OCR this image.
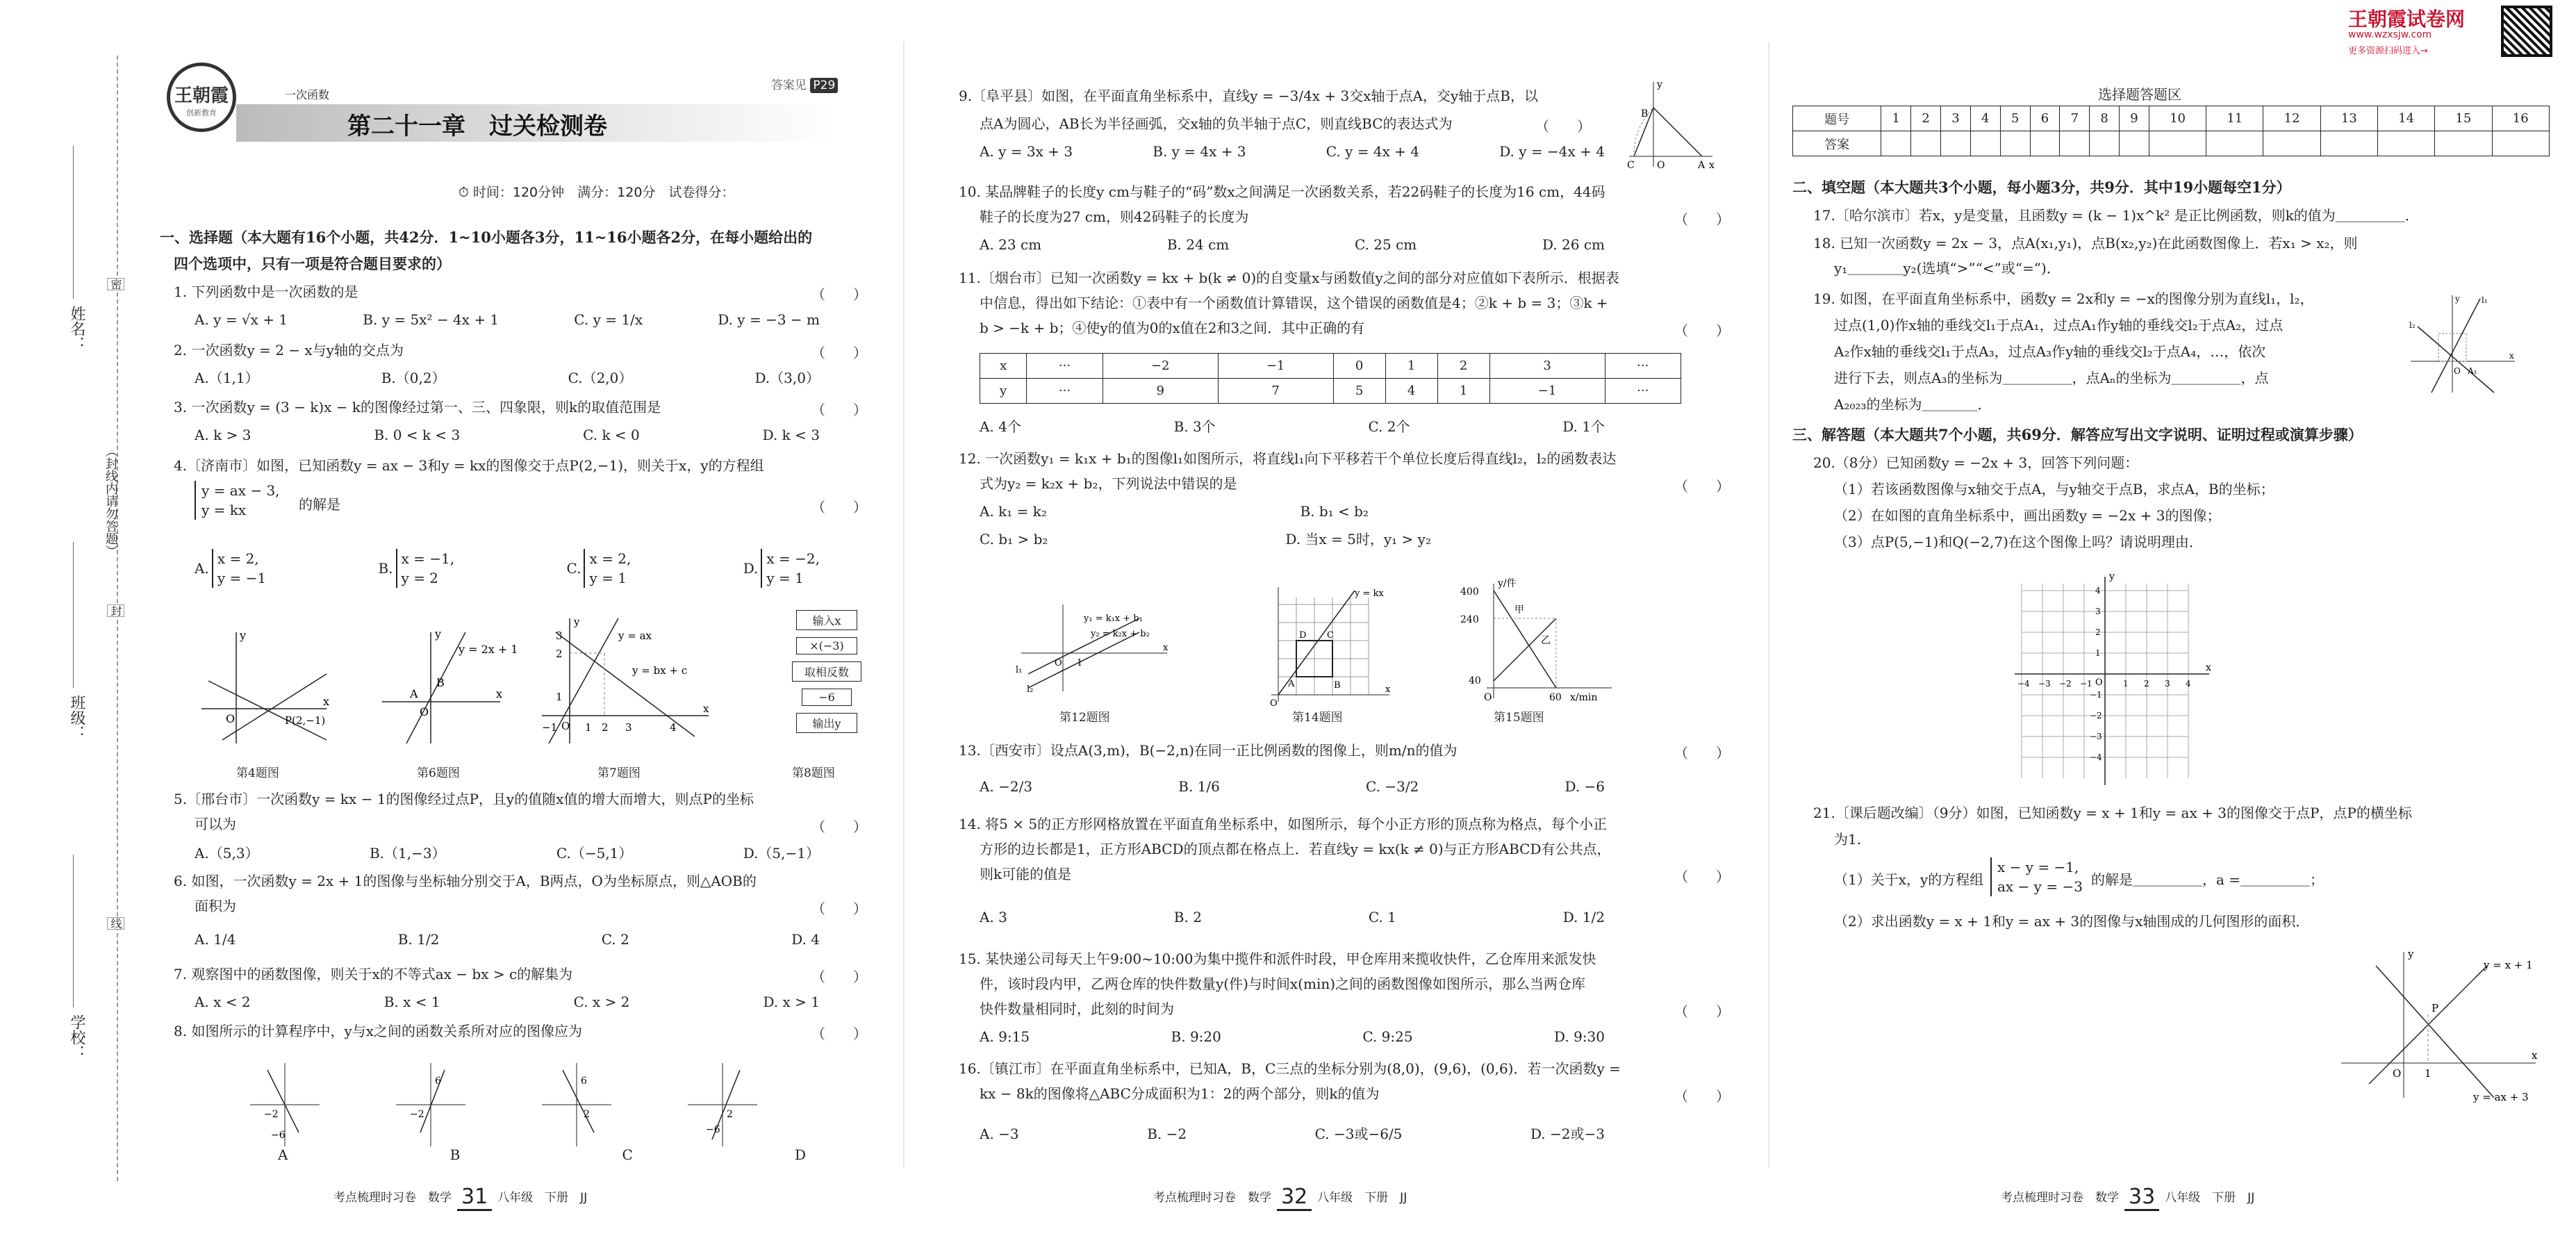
姓名：
班级：
学校：
（封线内请勿答题）
密
封
线
王朝霞
创新教育
一次函数
答案见 P29
第二十一章　过关检测卷
⏱ 时间：120分钟　满分：120分　试卷得分：
一、选择题（本大题有16个小题，共42分．1~10小题各3分，11~16小题各2分，在每小题给出的
四个选项中，只有一项是符合题目要求的）
1. 下列函数中是一次函数的是	（　　）
A. y = √x + 1	B. y = 5x² − 4x + 1	C. y = 1/x	D. y = −3 − m
2. 一次函数y = 2 − x与y轴的交点为	（　　）
A.（1,1）	B.（0,2）	C.（2,0）	D.（3,0）
3. 一次函数y = (3 − k)x − k的图像经过第一、三、四象限，则k的取值范围是	（　　）
A. k > 3	B. 0 < k < 3	C. k < 0	D. k < 3
4.〔济南市〕如图，已知函数y = ax − 3和y = kx的图像交于点P(2,−1)，则关于x，y的方程组
y = ax − 3,
y = kx	的解是	（　　）
A.
x = 2,
y = −1
B.
x = −1,
y = 2
C.
x = 2,
y = 1
D.
x = −2,
y = 1
O
x
y
P(2,−1)
O
x
y
A
B
y = 2x + 1
3
2
1
−1 O 1 2 3	4
x
y
y = ax
y = bx + c
输入x
×(−3)
取相反数
−6
输出y
第4题图	第6题图	第7题图	第8题图
5.〔邢台市〕一次函数y = kx − 1的图像经过点P，且y的值随x值的增大而增大，则点P的坐标
可以为	（　　）
A.（5,3）	B.（1,−3）	C.（−5,1）	D.（5,−1）
6. 如图，一次函数y = 2x + 1的图像与坐标轴分别交于A，B两点，O为坐标原点，则△AOB的
面积为	（　　）
A. 1/4	B. 1/2	C. 2	D. 4
7. 观察图中的函数图像，则关于x的不等式ax − bx > c的解集为	（　　）
A. x < 2	B. x < 1	C. x > 2	D. x > 1
8. 如图所示的计算程序中，y与x之间的函数关系所对应的图像应为	（　　）
−2
−6
6
−2
6
2	2
−6
A	B	C	D
考点梳理时习卷　数学 31 八年级　下册　JJ
9.〔阜平县〕如图，在平面直角坐标系中，直线y = −3/4x + 3交x轴于点A，交y轴于点B，以
点A为圆心，AB长为半径画弧，交x轴的负半轴于点C，则直线BC的表达式为	（　　）
B
C O	A x
y
A. y = 3x + 3	B. y = 4x + 3	C. y = 4x + 4	D. y = −4x + 4
10. 某品牌鞋子的长度y cm与鞋子的“码”数x之间满足一次函数关系，若22码鞋子的长度为16 cm，44码
鞋子的长度为27 cm，则42码鞋子的长度为	（　　）
A. 23 cm	B. 24 cm	C. 25 cm	D. 26 cm
11.〔烟台市〕已知一次函数y = kx + b(k ≠ 0)的自变量x与函数值y之间的部分对应值如下表所示．根据表
中信息，得出如下结论：①表中有一个函数值计算错误，这个错误的函数值是4；②k + b = 3；③k +
b > −k + b；④使y的值为0的x值在2和3之间．其中正确的有	（　　）
x	···	−2	−1	0	1	2	3	···
y	···	9	7	5	4	1	−1	···
A. 4个	B. 3个	C. 2个	D. 1个
12. 一次函数y₁ = k₁x + b₁的图像l₁如图所示，将直线l₁向下平移若干个单位长度后得直线l₂，l₂的函数表达
式为y₂ = k₂x + b₂，下列说法中错误的是	（　　）
A. k₁ = k₂	B. b₁ < b₂
C. b₁ > b₂	D. 当x = 5时，y₁ > y₂
y₁ = k₁x + b₁
y₂ = k₂x + b₂
l₁
l₂
O 1
x
D C
A	B
y = kx
O
x
y/件
400
240
40
60 x/min
甲
乙
O
第12题图	第14题图	第15题图
13.〔西安市〕设点A(3,m)，B(−2,n)在同一正比例函数的图像上，则m/n的值为	（　　）
A. −2/3	B. 1/6	C. −3/2	D. −6
14. 将5 × 5的正方形网格放置在平面直角坐标系中，如图所示，每个小正方形的顶点称为格点，每个小正
方形的边长都是1，正方形ABCD的顶点都在格点上．若直线y = kx(k ≠ 0)与正方形ABCD有公共点，
则k可能的值是	（　　）
A. 3	B. 2	C. 1	D. 1/2
15. 某快递公司每天上午9:00~10:00为集中揽件和派件时段，甲仓库用来揽收快件，乙仓库用来派发快
件，该时段内甲，乙两仓库的快件数量y(件)与时间x(min)之间的函数图像如图所示，那么当两仓库
快件数量相同时，此刻的时间为	（　　）
A. 9:15	B. 9:20	C. 9:25	D. 9:30
16.〔镇江市〕在平面直角坐标系中，已知A，B，C三点的坐标分别为(8,0)，(9,6)，(0,6)．若一次函数y =
kx − 8k的图像将△ABC分成面积为1：2的两个部分，则k的值为	（　　）
A. −3	B. −2	C. −3或−6/5	D. −2或−3
考点梳理时习卷　数学 32 八年级　下册　JJ
王朝霞试卷网
www.wzxsjw.com
更多资源扫码进入→
选择题答题区
题号	1	2	3	4	5	6	7	8	9	10	11	12	13	14	15	16
答案																
二、填空题（本大题共3个小题，每小题3分，共9分．其中19小题每空1分）
17.〔哈尔滨市〕若x，y是变量，且函数y = (k − 1)x^k² 是正比例函数，则k的值为＿＿＿＿＿．
18. 已知一次函数y = 2x − 3，点A(x₁,y₁)，点B(x₂,y₂)在此函数图像上．若x₁ > x₂，则
y₁＿＿＿＿y₂(选填“>”“<”或“=”)．
19. 如图，在平面直角坐标系中，函数y = 2x和y = −x的图像分别为直线l₁，l₂，
过点(1,0)作x轴的垂线交l₁于点A₁，过点A₁作y轴的垂线交l₂于点A₂，过点
A₂作x轴的垂线交l₁于点A₃，过点A₃作y轴的垂线交l₂于点A₄，…，依次
进行下去，则点A₃的坐标为＿＿＿＿＿，点Aₙ的坐标为＿＿＿＿＿，点
A₂₀₂₃的坐标为＿＿＿＿．
l₁
l₂
O A₁
x
y
三、解答题（本大题共7个小题，共69分．解答应写出文字说明、证明过程或演算步骤）
20.（8分）已知函数y = −2x + 3，回答下列问题：
（1）若该函数图像与x轴交于点A，与y轴交于点B，求点A，B的坐标；
（2）在如图的直角坐标系中，画出函数y = −2x + 3的图像；
（3）点P(5,−1)和Q(−2,7)在这个图像上吗？请说明理由．
x
y
O
−4 −3 −2 −1	1 2 3 4
4
3
2
1
−1
−2
−3
−4
21.〔课后题改编〕（9分）如图，已知函数y = x + 1和y = ax + 3的图像交于点P，点P的横坐标
为1.
（1）关于x，y的方程组
x − y = −1,
ax − y = −3 的解是＿＿＿＿＿，a =＿＿＿＿＿；
（2）求出函数y = x + 1和y = ax + 3的图像与x轴围成的几何图形的面积．
y = x + 1
y = ax + 3
P
O 1
x
y
考点梳理时习卷　数学 33 八年级　下册　JJ
